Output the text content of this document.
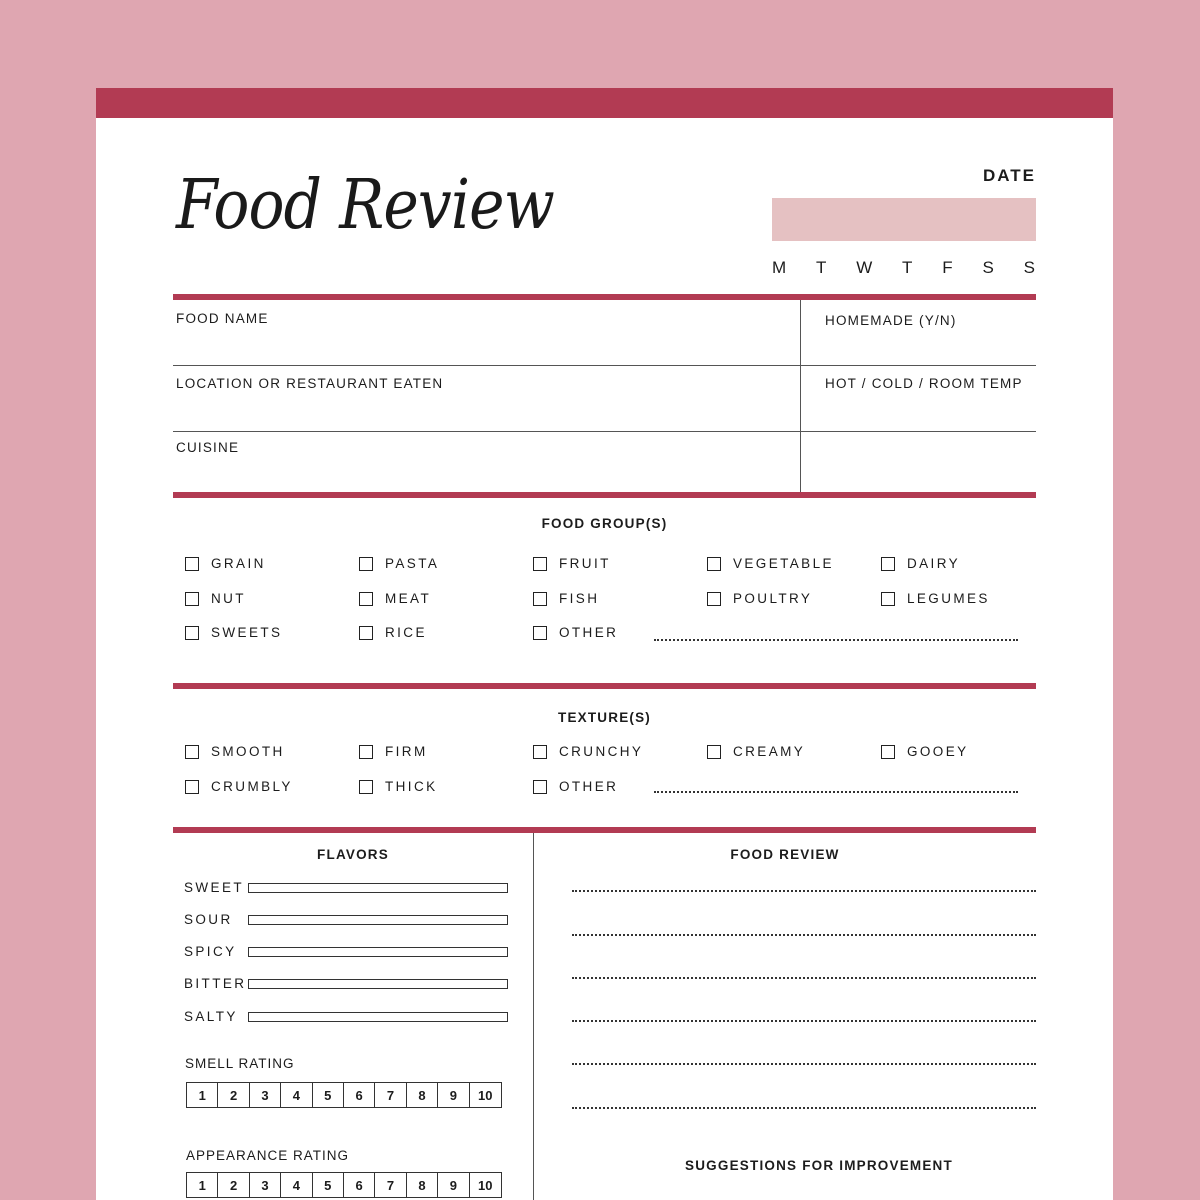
Food Review	DATE
M T W T F S S
FOOD NAME	HOMEMADE (Y/N)
LOCATION OR RESTAURANT EATEN	HOT / COLD / ROOM TEMP
CUISINE
FOOD GROUP(S)
GRAIN	PASTA	FRUIT	VEGETABLE	DAIRY
NUT	MEAT	FISH	POULTRY	LEGUMES
SWEETS	RICE	OTHER
TEXTURE(S)
SMOOTH	FIRM	CRUNCHY	CREAMY	GOOEY
CRUMBLY	THICK	OTHER
FLAVORS
SWEET
SOUR
SPICY
BITTER
SALTY
SMELL RATING
1	2	3	4	5	6	7	8	9	10
APPEARANCE RATING
1	2	3	4	5	6	7	8	9	10
FOOD REVIEW
SUGGESTIONS FOR IMPROVEMENT
